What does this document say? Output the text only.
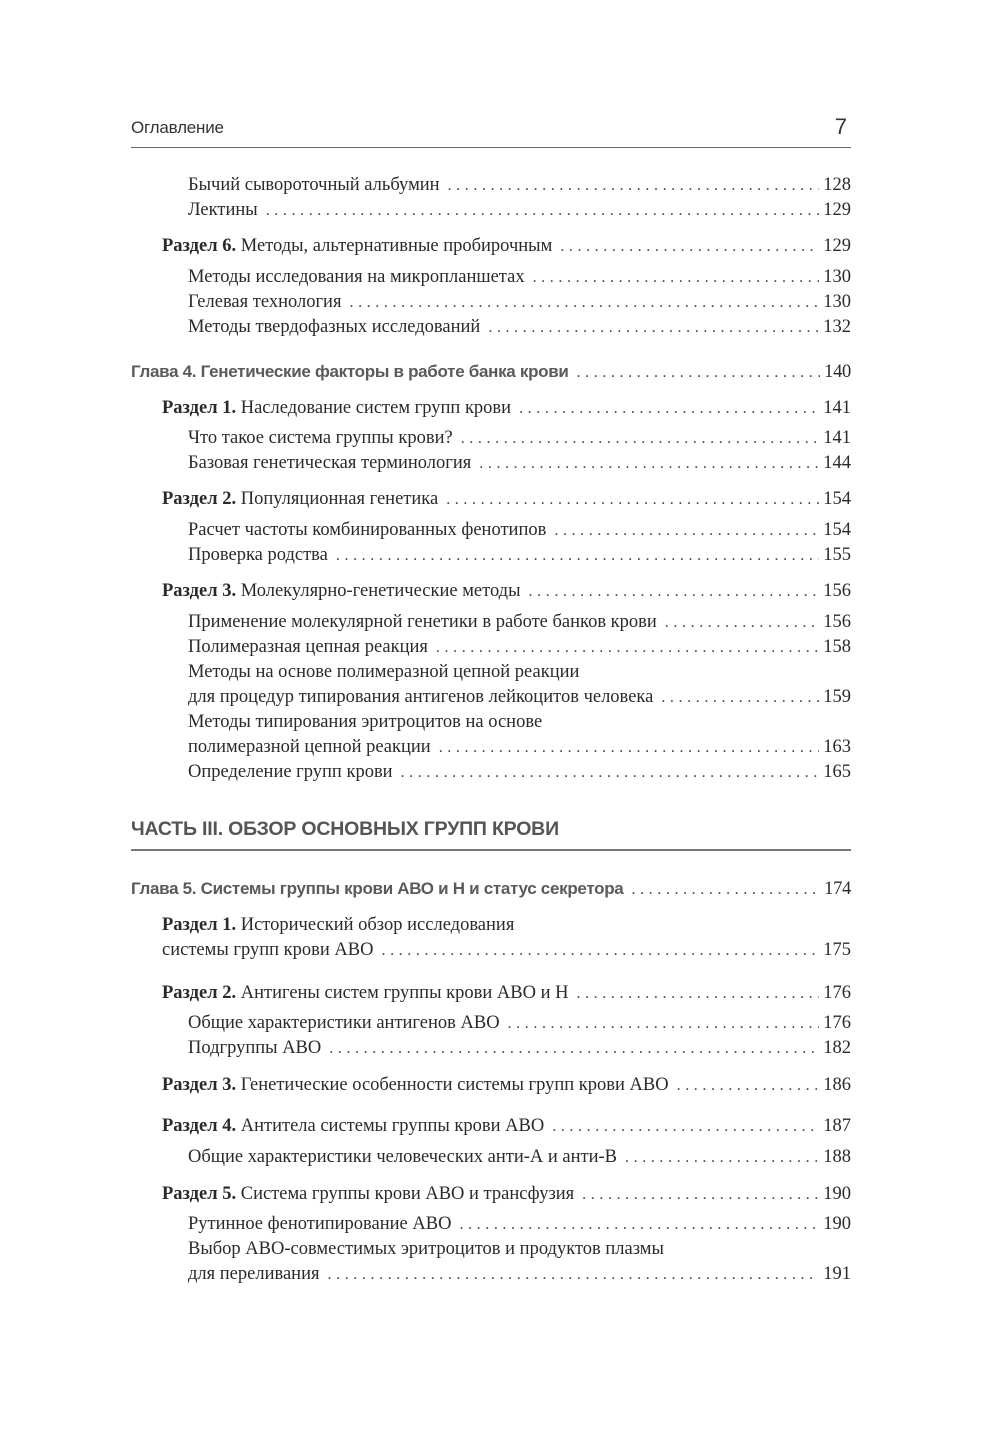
Оглавление	7
Бычий сывороточный альбумин .....	128
Лектины .....	129
Раздел 6. Методы, альтернативные пробирочным .....	129
Методы исследования на микропланшетах .....	130
Гелевая технология .....	130
Методы твердофазных исследований .....	132
Глава 4. Генетические факторы в работе банка крови .....	140
Раздел 1. Наследование систем групп крови .....	141
Что такое система группы крови? .....	141
Базовая генетическая терминология .....	144
Раздел 2. Популяционная генетика .....	154
Расчет частоты комбинированных фенотипов .....	154
Проверка родства .....	155
Раздел 3. Молекулярно-генетические методы .....	156
Применение молекулярной генетики в работе банков крови .....	156
Полимеразная цепная реакция .....	158
Методы на основе полимеразной цепной реакции
для процедур типирования антигенов лейкоцитов человека .....	159
Методы типирования эритроцитов на основе
полимеразной цепной реакции .....	163
Определение групп крови .....	165
ЧАСТЬ III. ОБЗОР ОСНОВНЫХ ГРУПП КРОВИ
Глава 5. Системы группы крови АВО и Н и статус секретора .....	174
Раздел 1. Исторический обзор исследования
системы групп крови АВО .....	175
Раздел 2. Антигены систем группы крови АВО и Н .....	176
Общие характеристики антигенов АВО .....	176
Подгруппы АВО .....	182
Раздел 3. Генетические особенности системы групп крови АВО .....	186
Раздел 4. Антитела системы группы крови АВО .....	187
Общие характеристики человеческих анти-А и анти-В .....	188
Раздел 5. Система группы крови АВО и трансфузия .....	190
Рутинное фенотипирование АВО .....	190
Выбор АВО-совместимых эритроцитов и продуктов плазмы
для переливания .....	191
